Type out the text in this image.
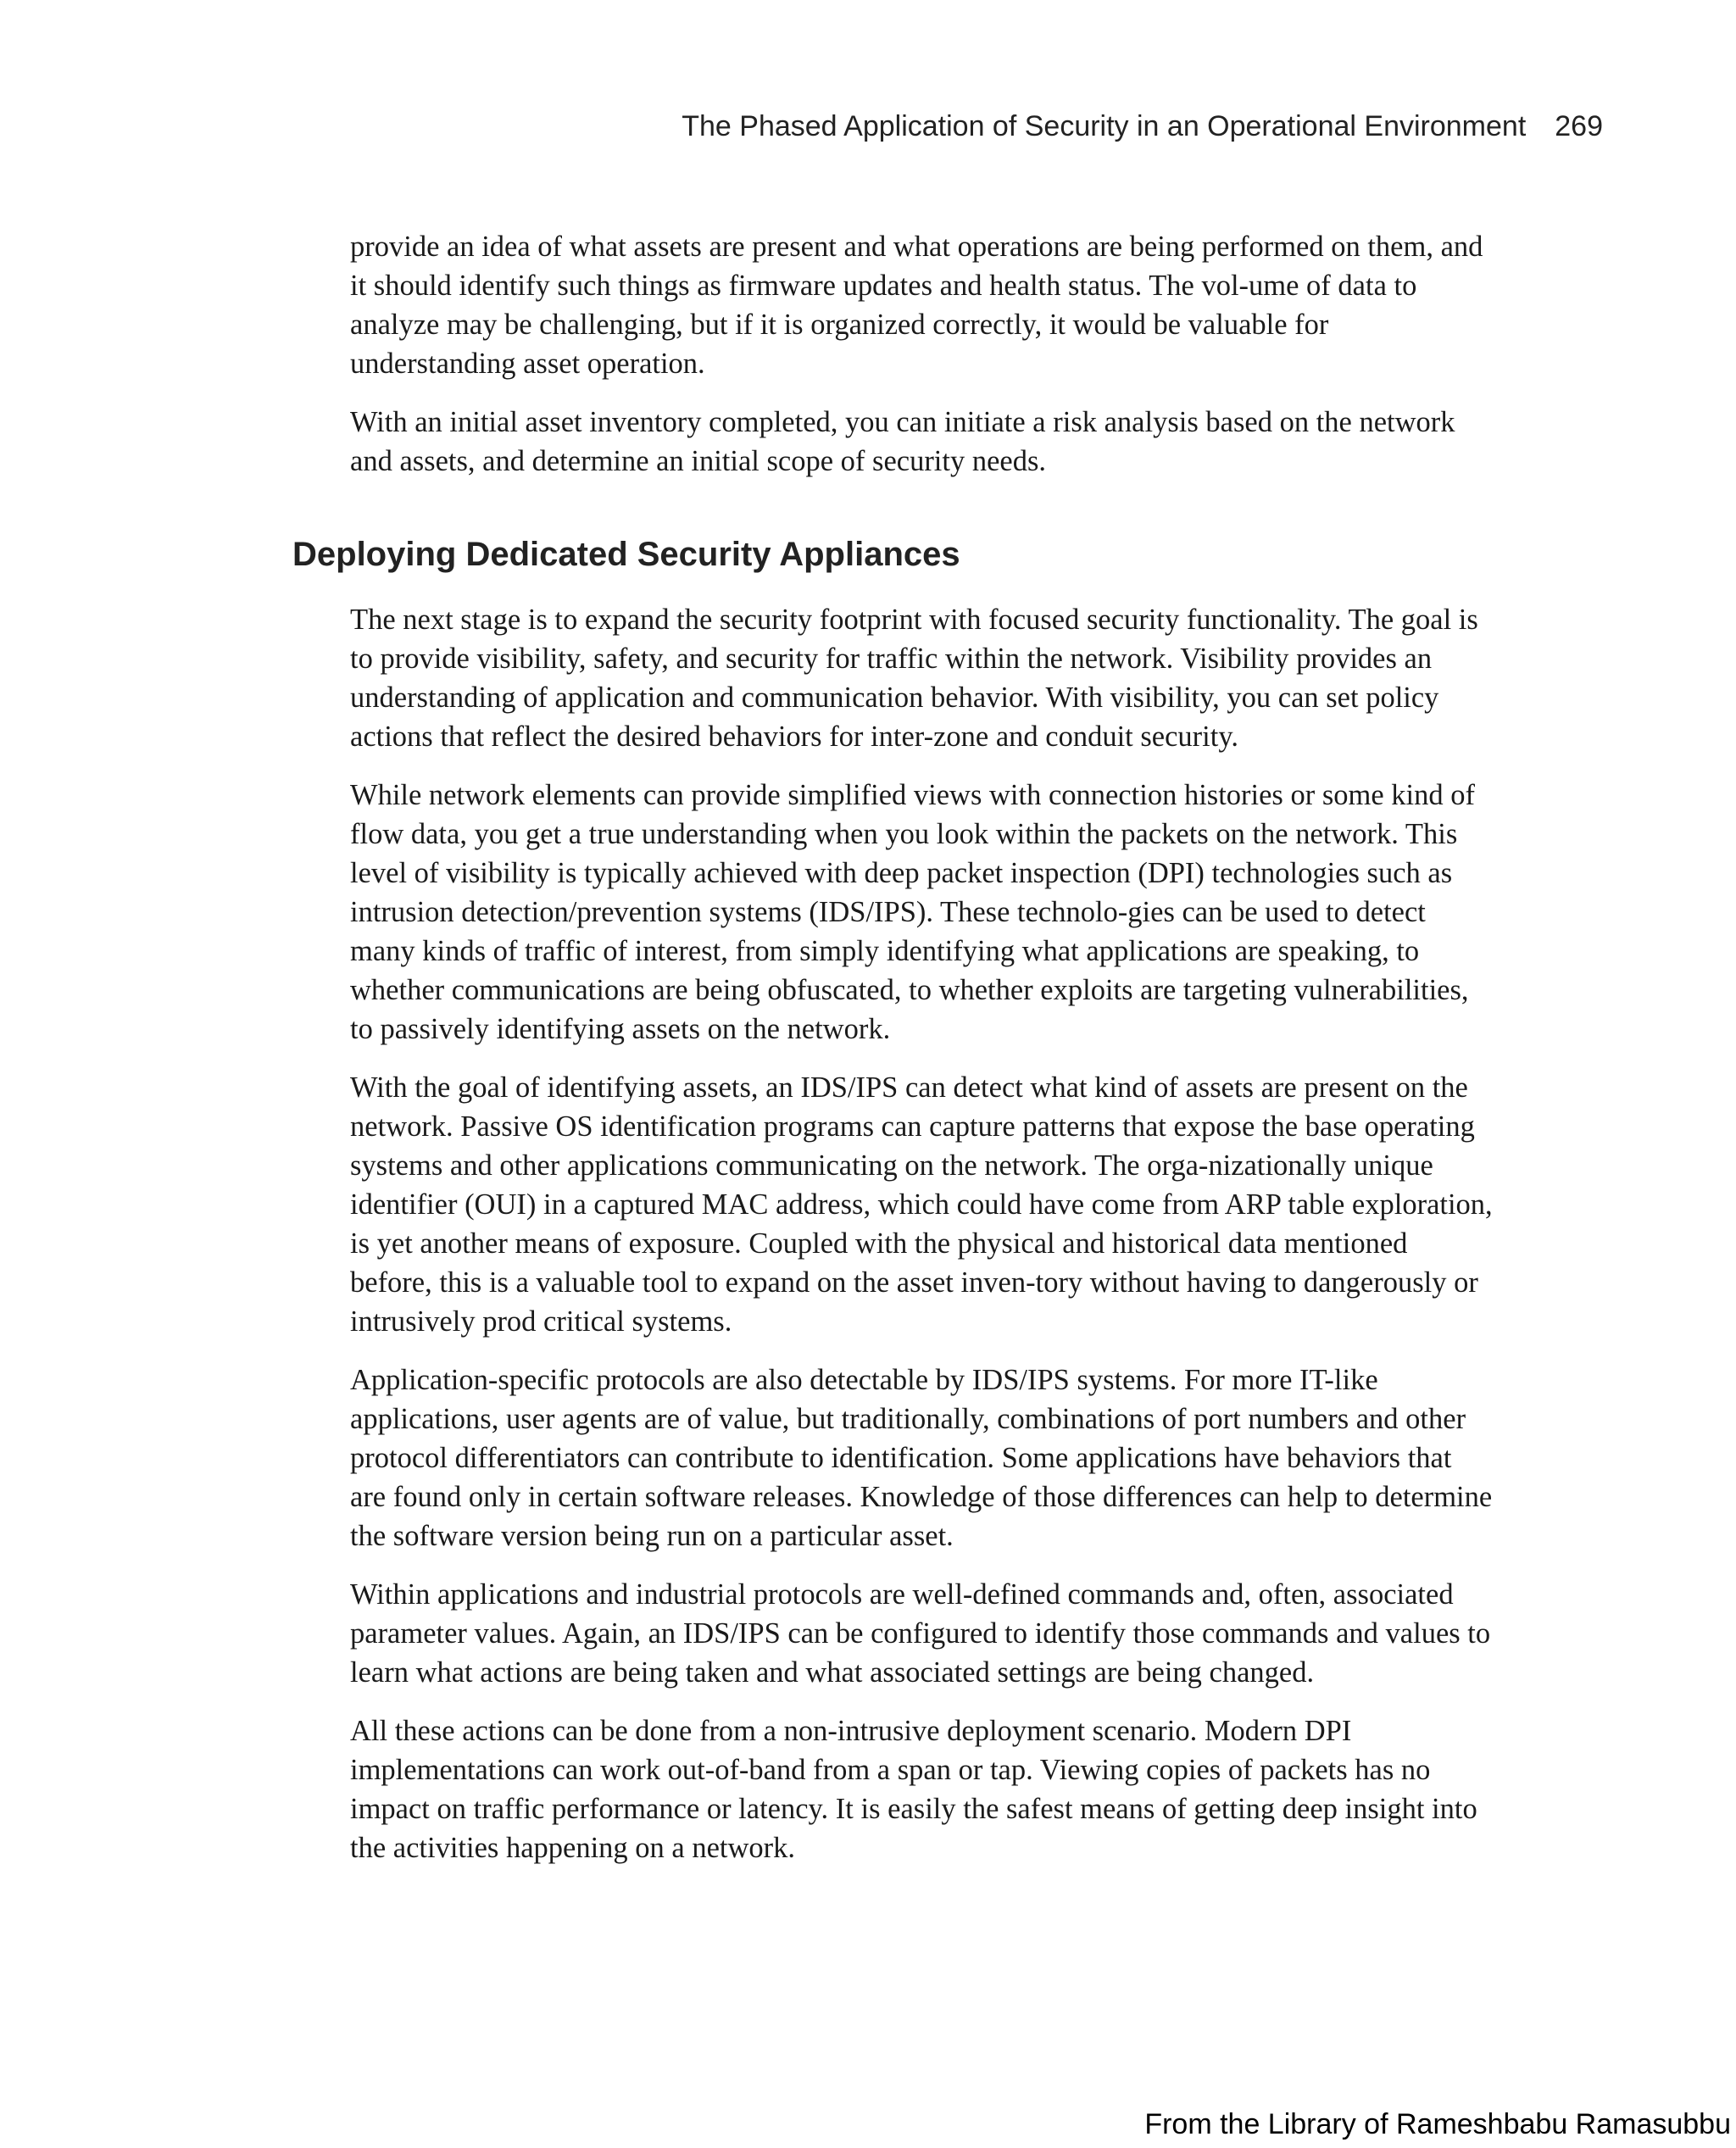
The Phased Application of Security in an Operational Environment 269

provide an idea of what assets are present and what operations are being performed on them, and it should identify such things as firmware updates and health status. The vol-ume of data to analyze may be challenging, but if it is organized correctly, it would be valuable for understanding asset operation.

With an initial asset inventory completed, you can initiate a risk analysis based on the network and assets, and determine an initial scope of security needs.

Deploying Dedicated Security Appliances

The next stage is to expand the security footprint with focused security functionality. The goal is to provide visibility, safety, and security for traffic within the network. Visibility provides an understanding of application and communication behavior. With visibility, you can set policy actions that reflect the desired behaviors for inter-zone and conduit security.

While network elements can provide simplified views with connection histories or some kind of flow data, you get a true understanding when you look within the packets on the network. This level of visibility is typically achieved with deep packet inspection (DPI) technologies such as intrusion detection/prevention systems (IDS/IPS). These technolo-gies can be used to detect many kinds of traffic of interest, from simply identifying what applications are speaking, to whether communications are being obfuscated, to whether exploits are targeting vulnerabilities, to passively identifying assets on the network.

With the goal of identifying assets, an IDS/IPS can detect what kind of assets are present on the network. Passive OS identification programs can capture patterns that expose the base operating systems and other applications communicating on the network. The orga-nizationally unique identifier (OUI) in a captured MAC address, which could have come from ARP table exploration, is yet another means of exposure. Coupled with the physical and historical data mentioned before, this is a valuable tool to expand on the asset inven-tory without having to dangerously or intrusively prod critical systems.

Application-specific protocols are also detectable by IDS/IPS systems. For more IT-like applications, user agents are of value, but traditionally, combinations of port numbers and other protocol differentiators can contribute to identification. Some applications have behaviors that are found only in certain software releases. Knowledge of those differences can help to determine the software version being run on a particular asset.

Within applications and industrial protocols are well-defined commands and, often, associated parameter values. Again, an IDS/IPS can be configured to identify those commands and values to learn what actions are being taken and what associated settings are being changed.

All these actions can be done from a non-intrusive deployment scenario. Modern DPI implementations can work out-of-band from a span or tap. Viewing copies of packets has no impact on traffic performance or latency. It is easily the safest means of getting deep insight into the activities happening on a network.

From the Library of Rameshbabu Ramasubbu
